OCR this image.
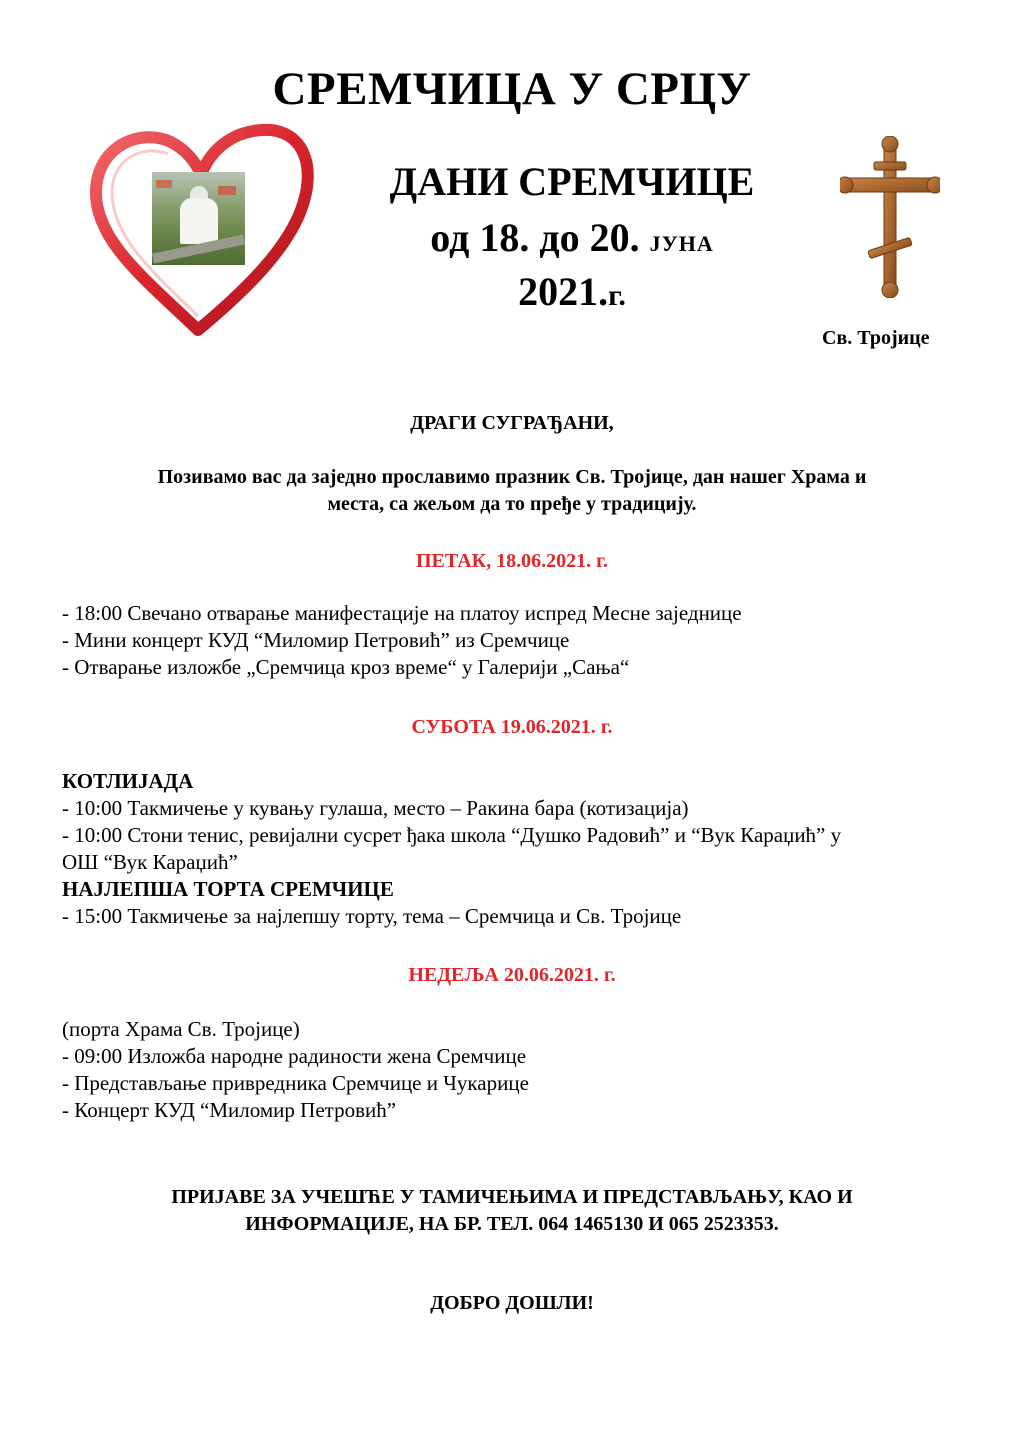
СРЕМЧИЦА У СРЦУ
ДАНИ СРЕМЧИЦЕ
од 18. до 20. ЈУНА
2021.г.
IC	XC
Св. Тројице
ДРАГИ СУГРАЂАНИ,
Позивамо вас да заједно прославимо празник Св. Тројице, дан нашег Храма и
места, са жељом да то пређе у традицију.
ПЕТАК, 18.06.2021. г.
- 18:00 Свечано отварање манифестације на платоу испред Месне заједнице
- Мини концерт КУД “Миломир Петровић” из Сремчице
- Отварање изложбе „Сремчица кроз време“ у Галерији „Сања“
СУБОТА 19.06.2021. г.
КОТЛИЈАДА
- 10:00 Такмичење у кувању гулаша, место – Ракина бара (котизација)
- 10:00 Стони тенис, ревијални сусрет ђака школа “Душко Радовић” и “Вук Караџић” у
ОШ “Вук Караџић”
НАЈЛЕПША ТОРТА СРЕМЧИЦЕ
- 15:00 Такмичење за најлепшу торту, тема – Сремчица и Св. Тројице
НЕДЕЉА 20.06.2021. г.
(порта Храма Св. Тројице)
- 09:00 Изложба народне радиности жена Сремчице
- Представљање привредника Сремчице и Чукарице
- Концерт КУД “Миломир Петровић”
ПРИЈАВЕ ЗА УЧЕШЋЕ У ТАМИЧЕЊИМА И ПРЕДСТАВЉАЊУ, КАО И
ИНФОРМАЦИЈЕ, НА БР. ТЕЛ. 064 1465130 И 065 2523353.
ДОБРО ДОШЛИ!
